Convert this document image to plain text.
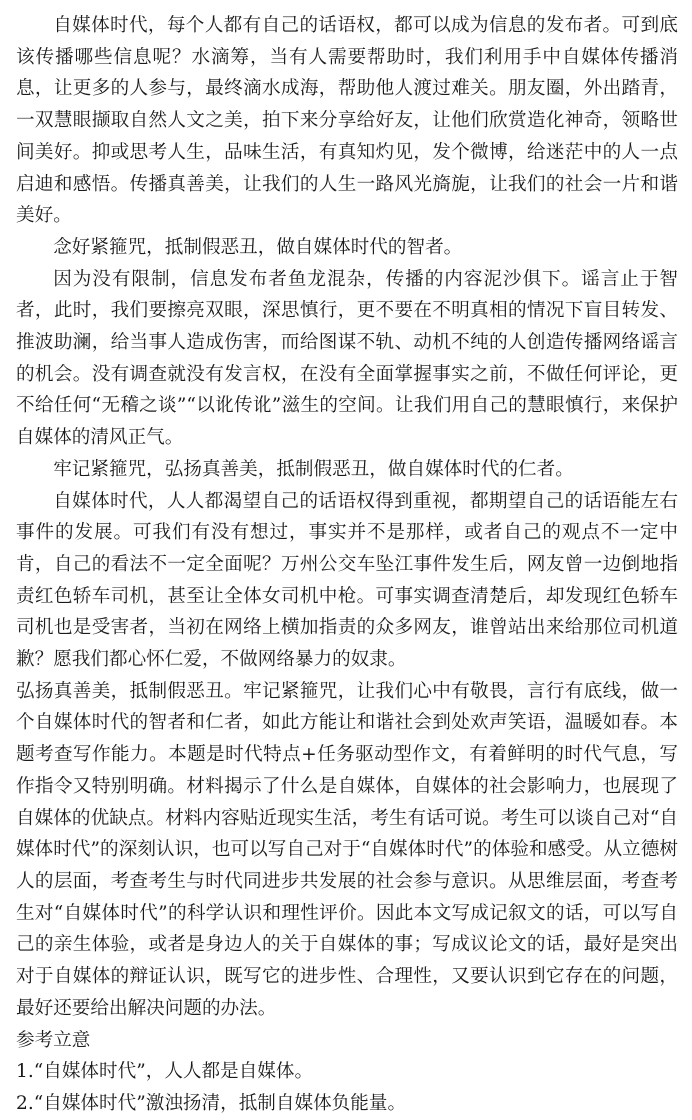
自媒体时代，每个人都有自己的话语权，都可以成为信息的发布者。可到底该传播哪些信息呢？水滴筹，当有人需要帮助时，我们利用手中自媒体传播消息，让更多的人参与，最终滴水成海，帮助他人渡过难关。朋友圈，外出踏青，一双慧眼撷取自然人文之美，拍下来分享给好友，让他们欣赏造化神奇，领略世间美好。抑或思考人生，品味生活，有真知灼见，发个微博，给迷茫中的人一点启迪和感悟。传播真善美，让我们的人生一路风光旖旎，让我们的社会一片和谐美好。

念好紧箍咒，抵制假恶丑，做自媒体时代的智者。

因为没有限制，信息发布者鱼龙混杂，传播的内容泥沙俱下。谣言止于智者，此时，我们要擦亮双眼，深思慎行，更不要在不明真相的情况下盲目转发、推波助澜，给当事人造成伤害，而给图谋不轨、动机不纯的人创造传播网络谣言的机会。没有调查就没有发言权，在没有全面掌握事实之前，不做任何评论，更不给任何“无稽之谈”“以讹传讹”滋生的空间。让我们用自己的慧眼慎行，来保护自媒体的清风正气。

牢记紧箍咒，弘扬真善美，抵制假恶丑，做自媒体时代的仁者。

自媒体时代，人人都渴望自己的话语权得到重视，都期望自己的话语能左右事件的发展。可我们有没有想过，事实并不是那样，或者自己的观点不一定中肯，自己的看法不一定全面呢？万州公交车坠江事件发生后，网友曾一边倒地指责红色轿车司机，甚至让全体女司机中枪。可事实调查清楚后，却发现红色轿车司机也是受害者，当初在网络上横加指责的众多网友，谁曾站出来给那位司机道歉？愿我们都心怀仁爱，不做网络暴力的奴隶。

弘扬真善美，抵制假恶丑。牢记紧箍咒，让我们心中有敬畏，言行有底线，做一个自媒体时代的智者和仁者，如此方能让和谐社会到处欢声笑语，温暖如春。本题考查写作能力。本题是时代特点+任务驱动型作文，有着鲜明的时代气息，写作指令又特别明确。材料揭示了什么是自媒体，自媒体的社会影响力，也展现了自媒体的优缺点。材料内容贴近现实生活，考生有话可说。考生可以谈自己对“自媒体时代”的深刻认识，也可以写自己对于“自媒体时代”的体验和感受。从立德树人的层面，考查考生与时代同进步共发展的社会参与意识。从思维层面，考查考生对“自媒体时代”的科学认识和理性评价。因此本文写成记叙文的话，可以写自己的亲生体验，或者是身边人的关于自媒体的事；写成议论文的话，最好是突出对于自媒体的辩证认识，既写它的进步性、合理性，又要认识到它存在的问题，最好还要给出解决问题的办法。

参考立意

1.“自媒体时代”，人人都是自媒体。

2.“自媒体时代”激浊扬清，抵制自媒体负能量。
